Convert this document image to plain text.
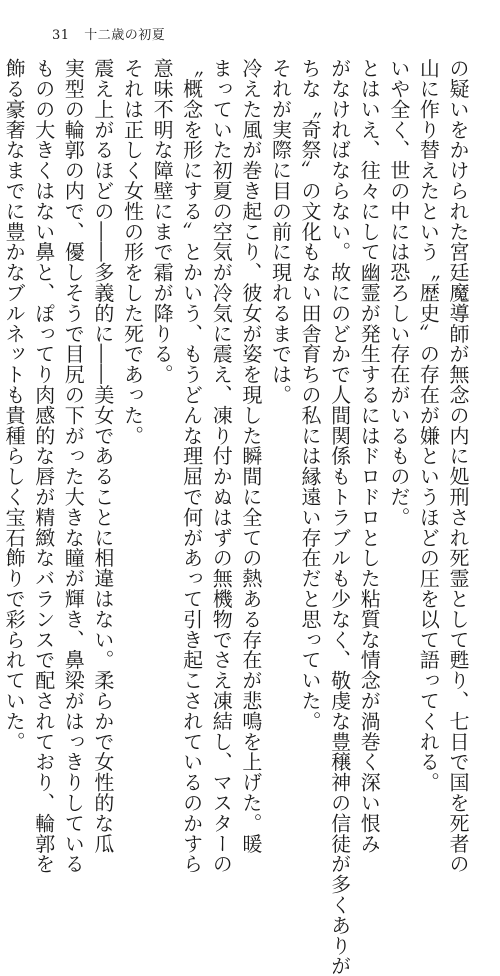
31 十二歳の初夏
の疑いをかけられた宮廷魔導師が無念の内に処刑され死霊として甦り、七日で国を死者の
山に作り替えたという〝歴史〟の存在が嫌というほどの圧を以て語ってくれる。
いや全く、世の中には恐ろしい存在がいるものだ。
とはいえ、往々にして幽霊が発生するにはドロドロとした粘質な情念が渦巻く深い恨み
がなければならない。故にのどかで人間関係もトラブルも少なく、敬虔な豊穣神の信徒が多くありが
ちな〝奇祭〟の文化もない田舎育ちの私には縁遠い存在だと思っていた。
それが実際に目の前に現れるまでは。
冷えた風が巻き起こり、彼女が姿を現した瞬間に全ての熱ある存在が悲鳴を上げた。暖
まっていた初夏の空気が冷気に震え、凍り付かぬはずの無機物でさえ凍結し、マスターの
〝概念を形にする〟とかいう、もうどんな理屈で何があって引き起こされているのかすら
意味不明な障壁にまで霜が降りる。
それは正しく女性の形をした死であった。
震え上がるほどの――多義的に――美女であることに相違はない。柔らかで女性的な瓜
実型の輪郭の内で、優しそうで目尻の下がった大きな瞳が輝き、鼻梁がはっきりしている
ものの大きくはない鼻と、ぽってり肉感的な唇が精緻なバランスで配されており、輪郭を
飾る豪奢なまでに豊かなブルネットも貴種らしく宝石飾りで彩られていた。
